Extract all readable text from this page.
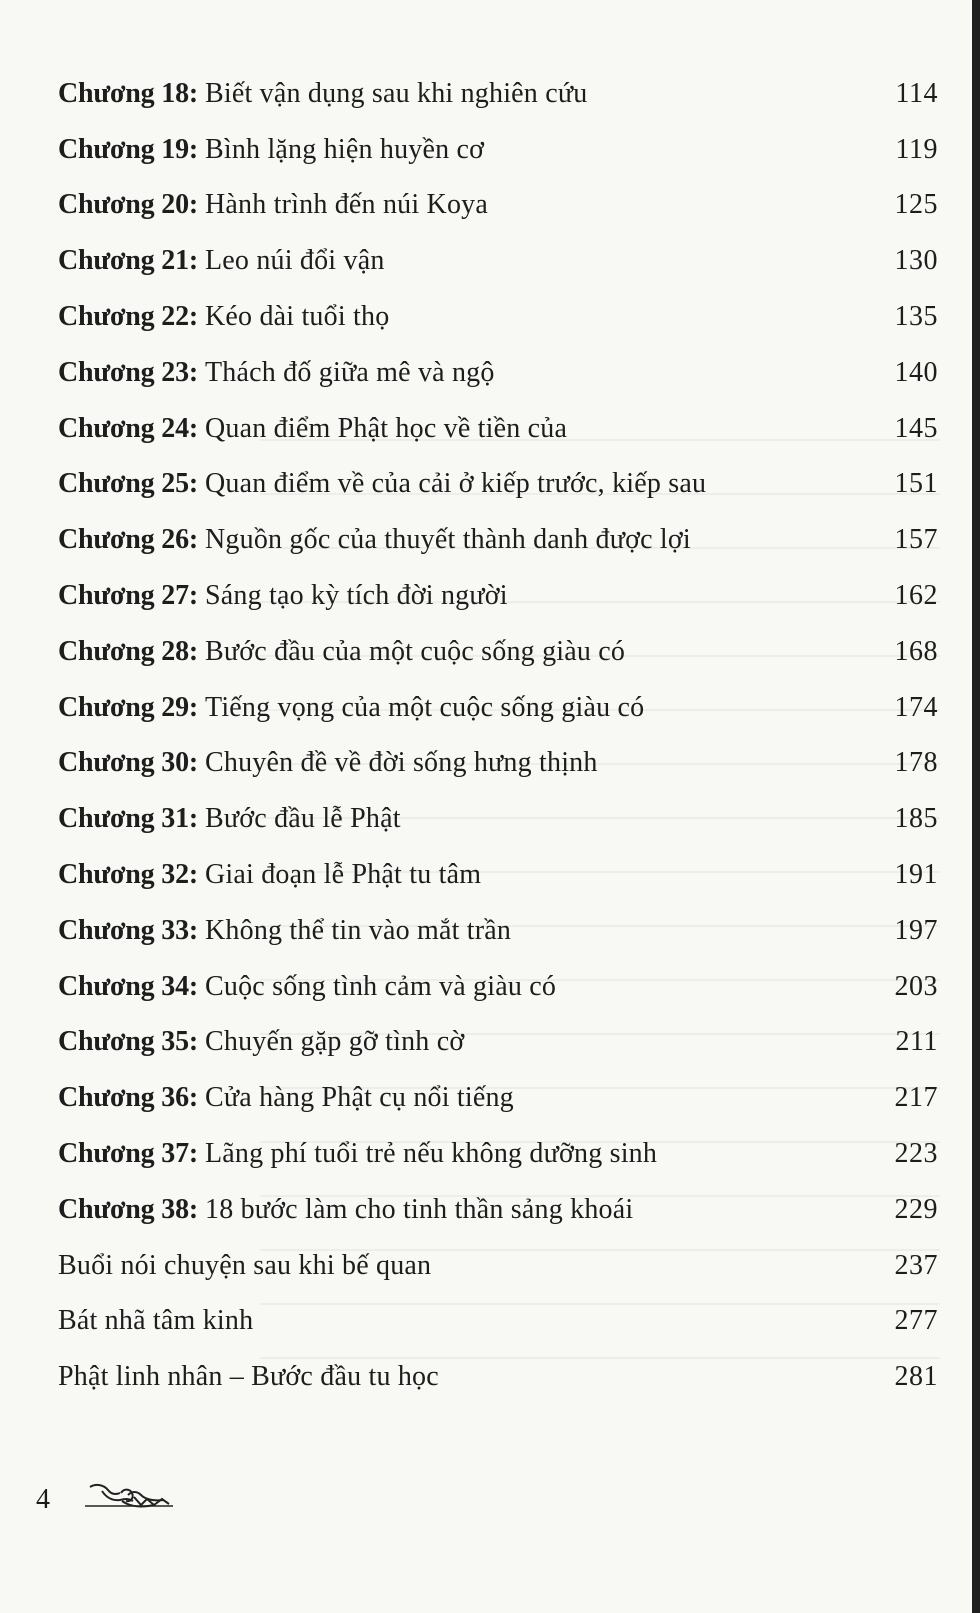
Chương 18: Biết vận dụng sau khi nghiên cứu	114
Chương 19: Bình lặng hiện huyền cơ	119
Chương 20: Hành trình đến núi Koya	125
Chương 21: Leo núi đổi vận	130
Chương 22: Kéo dài tuổi thọ	135
Chương 23: Thách đố giữa mê và ngộ	140
Chương 24: Quan điểm Phật học về tiền của	145
Chương 25: Quan điểm về của cải ở kiếp trước, kiếp sau	151
Chương 26: Nguồn gốc của thuyết thành danh được lợi	157
Chương 27: Sáng tạo kỳ tích đời người	162
Chương 28: Bước đầu của một cuộc sống giàu có	168
Chương 29: Tiếng vọng của một cuộc sống giàu có	174
Chương 30: Chuyên đề về đời sống hưng thịnh	178
Chương 31: Bước đầu lễ Phật	185
Chương 32: Giai đoạn lễ Phật tu tâm	191
Chương 33: Không thể tin vào mắt trần	197
Chương 34: Cuộc sống tình cảm và giàu có	203
Chương 35: Chuyến gặp gỡ tình cờ	211
Chương 36: Cửa hàng Phật cụ nổi tiếng	217
Chương 37: Lãng phí tuổi trẻ nếu không dưỡng sinh	223
Chương 38: 18 bước làm cho tinh thần sảng khoái	229
Buổi nói chuyện sau khi bế quan	237
Bát nhã tâm kinh	277
Phật linh nhân – Bước đầu tu học	281
4
